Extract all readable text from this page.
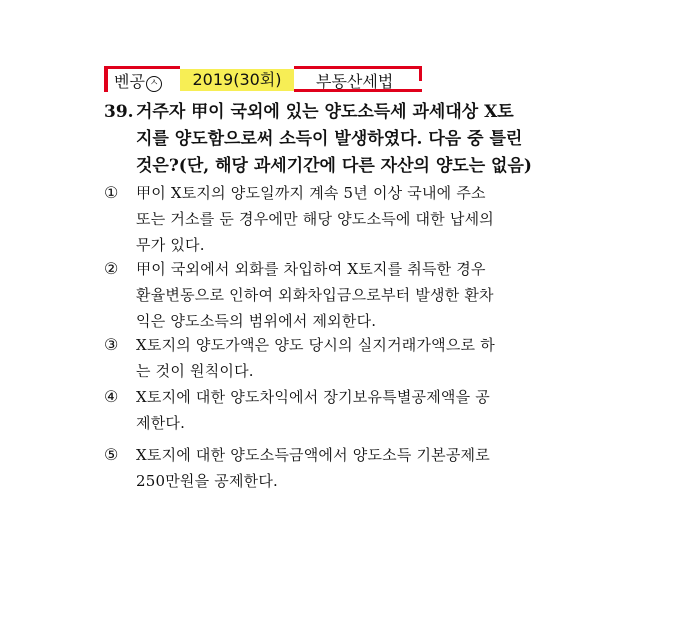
벤공 ㅅ	2019(30회)	부동산세법
39. 거주자 甲이 국외에 있는 양도소득세 과세대상 X토
지를 양도함으로써 소득이 발생하였다. 다음 중 틀린
것은?(단, 해당 과세기간에 다른 자산의 양도는 없음)
① 甲이 X토지의 양도일까지 계속 5년 이상 국내에 주소
또는 거소를 둔 경우에만 해당 양도소득에 대한 납세의
무가 있다.
② 甲이 국외에서 외화를 차입하여 X토지를 취득한 경우
환율변동으로 인하여 외화차입금으로부터 발생한 환차
익은 양도소득의 범위에서 제외한다.
③ X토지의 양도가액은 양도 당시의 실지거래가액으로 하
는 것이 원칙이다.
④ X토지에 대한 양도차익에서 장기보유특별공제액을 공
제한다.
⑤ X토지에 대한 양도소득금액에서 양도소득 기본공제로
250만원을 공제한다.
